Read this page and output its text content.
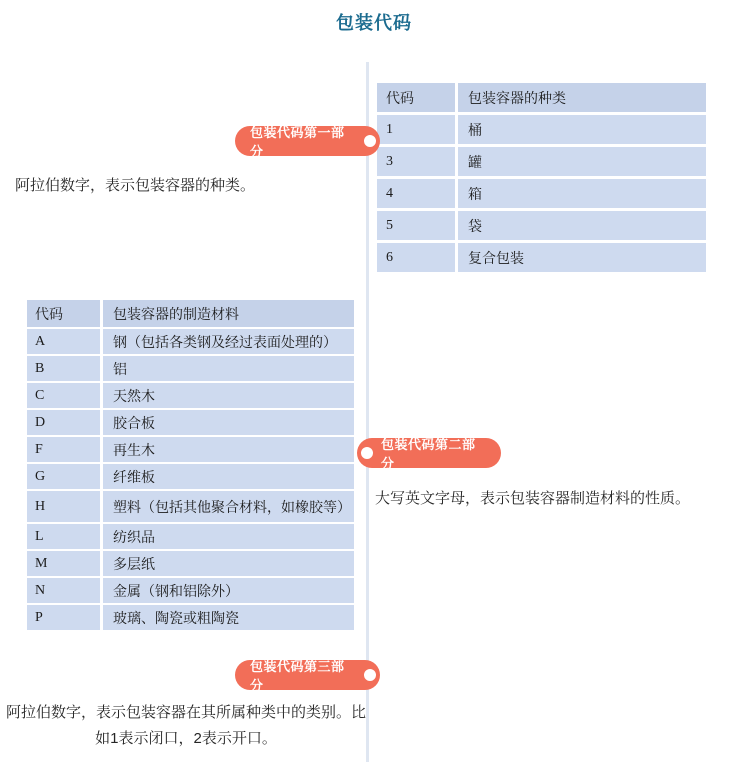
包装代码
代码	包装容器的种类
1	桶
3	罐
4	箱
5	袋
6	复合包装
包装代码第一部分
阿拉伯数字，表示包装容器的种类。
代码	包装容器的制造材料
A	钢（包括各类钢及经过表面处理的）
B	铝
C	天然木
D	胶合板
F	再生木
G	纤维板
H	塑料（包括其他聚合材料，如橡胶等）
L	纺织品
M	多层纸
N	金属（钢和铝除外）
P	玻璃、陶瓷或粗陶瓷
包装代码第二部分
大写英文字母，表示包装容器制造材料的性质。
包装代码第三部分
阿拉伯数字，表示包装容器在其所属种类中的类别。比如1表示闭口，2表示开口。
